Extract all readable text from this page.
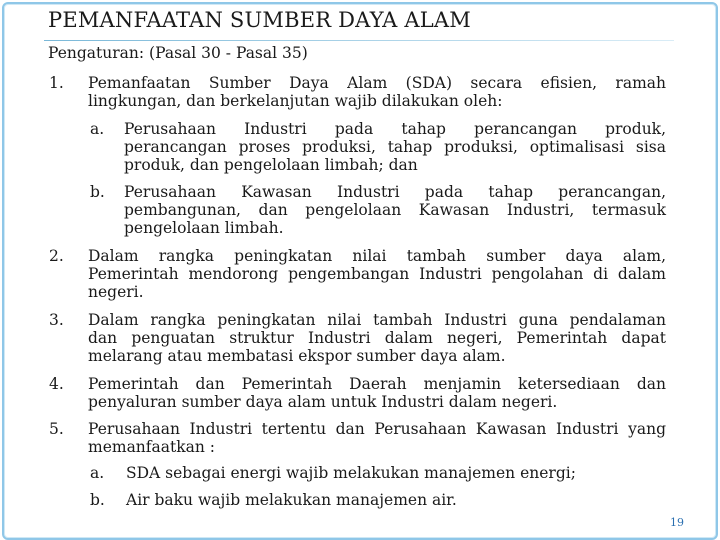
PEMANFAATAN SUMBER DAYA ALAM
Pengaturan: (Pasal 30 - Pasal 35)
1. Pemanfaatan Sumber Daya Alam (SDA) secara efisien, ramah
lingkungan, dan berkelanjutan wajib dilakukan oleh:
a. Perusahaan Industri pada tahap perancangan produk,
perancangan proses produksi, tahap produksi, optimalisasi sisa
produk, dan pengelolaan limbah; dan
b. Perusahaan Kawasan Industri pada tahap perancangan,
pembangunan, dan pengelolaan Kawasan Industri, termasuk
pengelolaan limbah.
2. Dalam rangka peningkatan nilai tambah sumber daya alam,
Pemerintah mendorong pengembangan Industri pengolahan di dalam
negeri.
3. Dalam rangka peningkatan nilai tambah Industri guna pendalaman
dan penguatan struktur Industri dalam negeri, Pemerintah dapat
melarang atau membatasi ekspor sumber daya alam.
4. Pemerintah dan Pemerintah Daerah menjamin ketersediaan dan
penyaluran sumber daya alam untuk Industri dalam negeri.
5. Perusahaan Industri tertentu dan Perusahaan Kawasan Industri yang
memanfaatkan :
a. SDA sebagai energi wajib melakukan manajemen energi;
b. Air baku wajib melakukan manajemen air.
19
